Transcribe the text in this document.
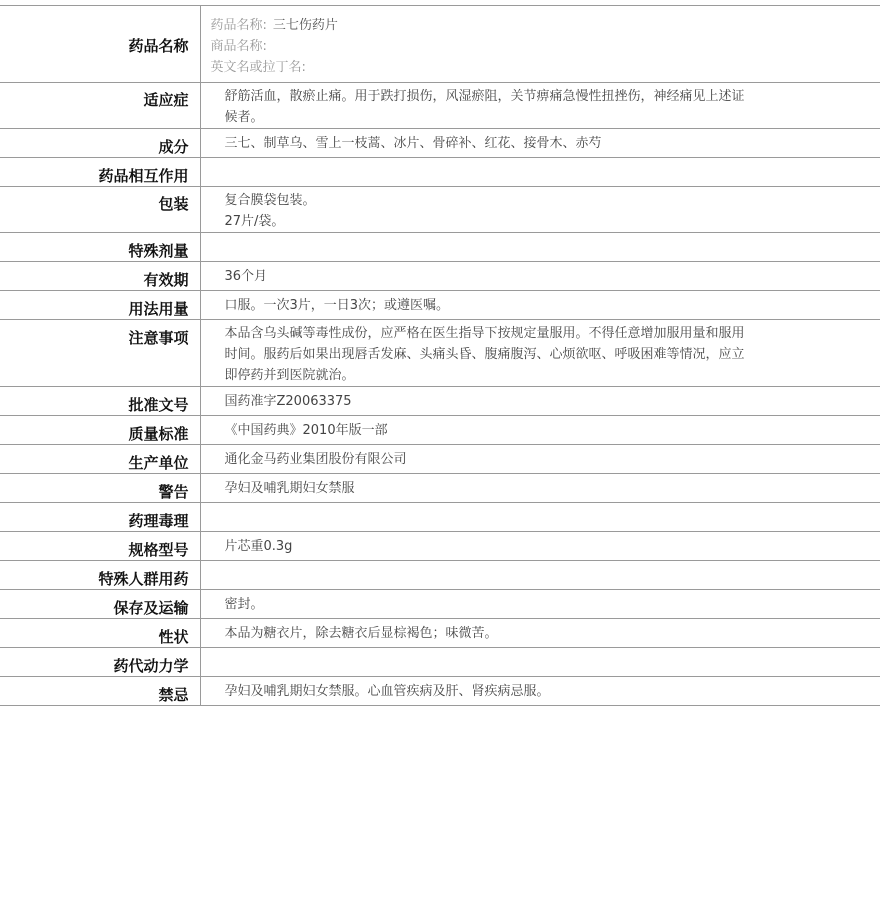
药品名称	药品名称: 三七伤药片
商品名称:
英文名或拉丁名:

适应症	舒筋活血，散瘀止痛。用于跌打损伤，风湿瘀阻，关节痹痛急慢性扭挫伤，神经痛见上述证
候者。

成分	三七、制草乌、雪上一枝蒿、冰片、骨碎补、红花、接骨木、赤芍

药品相互作用	

包装	复合膜袋包装。
27片/袋。

特殊剂量	

有效期	36个月

用法用量	口服。一次3片，一日3次；或遵医嘱。

注意事项	本品含乌头碱等毒性成份，应严格在医生指导下按规定量服用。不得任意增加服用量和服用
时间。服药后如果出现唇舌发麻、头痛头昏、腹痛腹泻、心烦欲呕、呼吸困难等情况，应立
即停药并到医院就治。

批准文号	国药准字Z20063375

质量标准	《中国药典》2010年版一部

生产单位	通化金马药业集团股份有限公司

警告	孕妇及哺乳期妇女禁服

药理毒理	

规格型号	片芯重0.3g

特殊人群用药	

保存及运输	密封。

性状	本品为糖衣片，除去糖衣后显棕褐色；味微苦。

药代动力学	

禁忌	孕妇及哺乳期妇女禁服。心血管疾病及肝、肾疾病忌服。
